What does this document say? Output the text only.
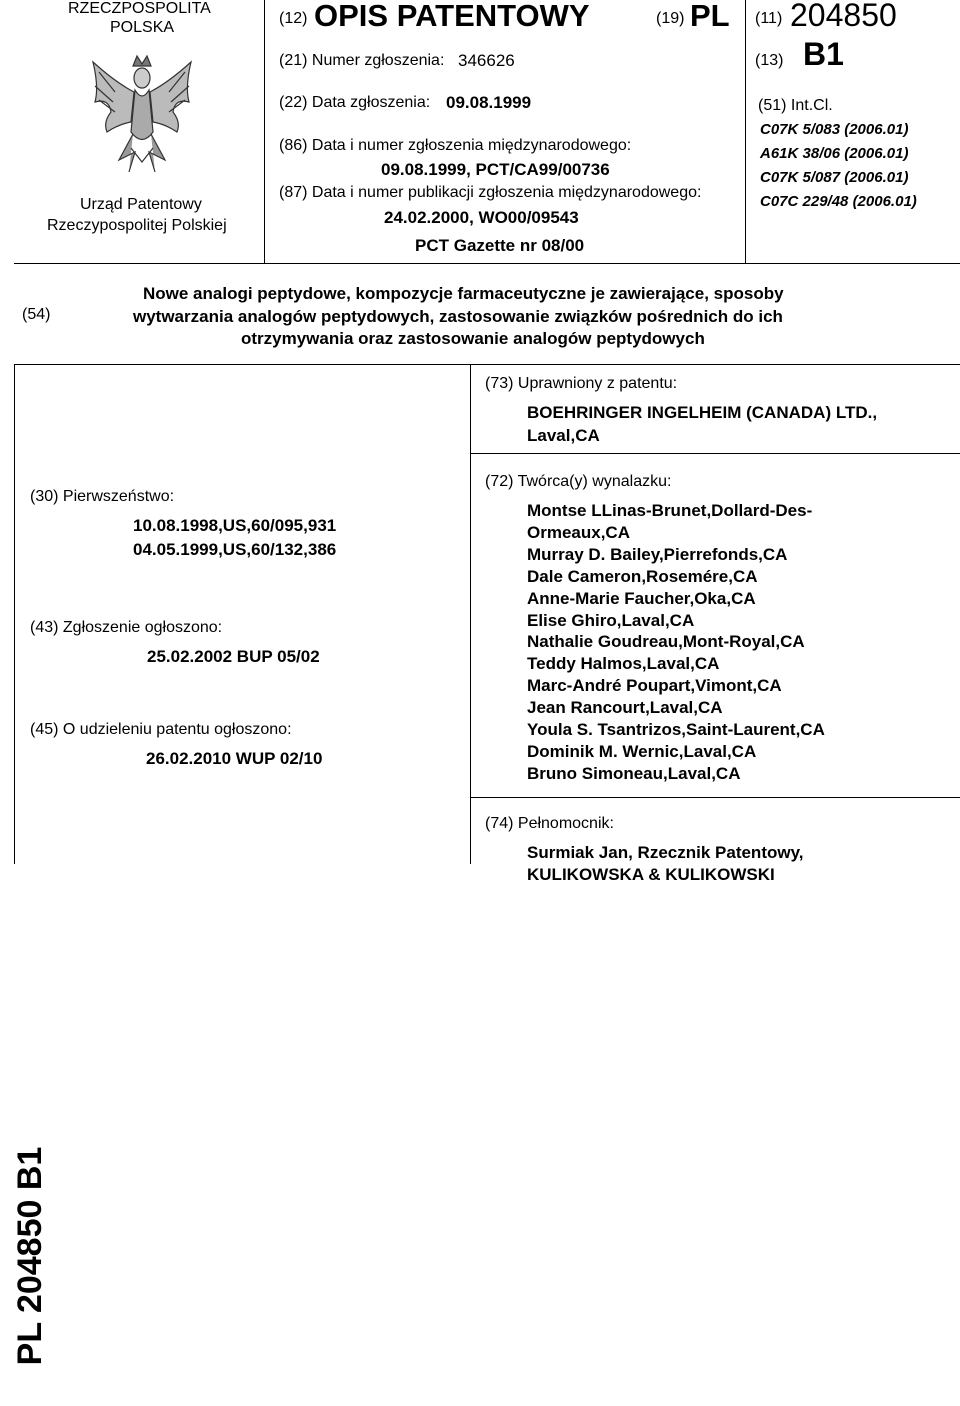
RZECZPOSPOLITA
POLSKA
Urząd Patentowy
Rzeczypospolitej Polskiej
(12) OPIS PATENTOWY	(19) PL
(21) Numer zgłoszenia: 346626
(22) Data zgłoszenia: 09.08.1999
(86) Data i numer zgłoszenia międzynarodowego:
09.08.1999, PCT/CA99/00736
(87) Data i numer publikacji zgłoszenia międzynarodowego:
24.02.2000, WO00/09543
PCT Gazette nr 08/00
(11) 204850
(13) B1
(51) Int.Cl.
C07K 5/083 (2006.01)
A61K 38/06 (2006.01)
C07K 5/087 (2006.01)
C07C 229/48 (2006.01)
(54)
Nowe analogi peptydowe, kompozycje farmaceutyczne je zawierające, sposoby
wytwarzania analogów peptydowych, zastosowanie związków pośrednich do ich
otrzymywania oraz zastosowanie analogów peptydowych
(30) Pierwszeństwo:
10.08.1998,US,60/095,931
04.05.1999,US,60/132,386
(43) Zgłoszenie ogłoszono:
25.02.2002 BUP 05/02
(45) O udzieleniu patentu ogłoszono:
26.02.2010 WUP 02/10
(73) Uprawniony z patentu:
BOEHRINGER INGELHEIM (CANADA) LTD.,
Laval,CA
(72) Twórca(y) wynalazku:
Montse LLinas-Brunet,Dollard-Des-
Ormeaux,CA
Murray D. Bailey,Pierrefonds,CA
Dale Cameron,Rosemére,CA
Anne-Marie Faucher,Oka,CA
Elise Ghiro,Laval,CA
Nathalie Goudreau,Mont-Royal,CA
Teddy Halmos,Laval,CA
Marc-André Poupart,Vimont,CA
Jean Rancourt,Laval,CA
Youla S. Tsantrizos,Saint-Laurent,CA
Dominik M. Wernic,Laval,CA
Bruno Simoneau,Laval,CA
(74) Pełnomocnik:
Surmiak Jan, Rzecznik Patentowy,
KULIKOWSKA & KULIKOWSKI
PL 204850 B1
